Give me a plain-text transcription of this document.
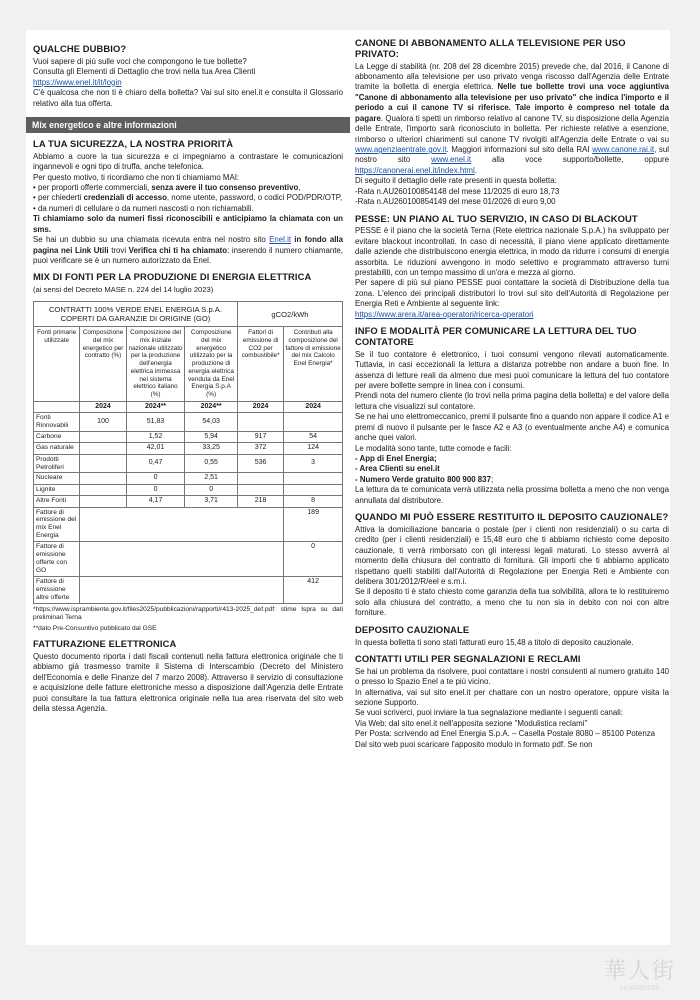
QUALCHE DUBBIO?

Vuoi sapere di più sulle voci che compongono le tue bollette?

Consulta gli Elementi di Dettaglio che trovi nella tua Area Clienti

https://www.enel.it/it/login

C'è qualcosa che non ti è chiaro della bolletta? Vai sul sito enel.it e consulta il Glossario relativo alla tua offerta.

Mix energetico e altre informazioni
LA TUA SICUREZZA, LA NOSTRA PRIORITÀ

Abbiamo a cuore la tua sicurezza e ci impegniamo a contrastare le comunicazioni ingannevoli e ogni tipo di truffa, anche telefonica.

Per questo motivo, ti ricordiamo che non ti chiamiamo MAI:

• per proporti offerte commerciali, senza avere il tuo consenso preventivo,

• per chiederti credenziali di accesso, nome utente, password, o codici POD/PDR/OTP,

• da numeri di cellulare o da numeri nascosti o non richiamabili.

Ti chiamiamo solo da numeri fissi riconoscibili e anticipiamo la chiamata con un sms.

Se hai un dubbio su una chiamata ricevuta entra nel nostro sito Enel.it in fondo alla pagina nei Link Utili trovi Verifica chi ti ha chiamato: inserendo il numero chiamante, puoi verificare se è un numero autorizzato da Enel.

MIX DI FONTI PER LA PRODUZIONE DI ENERGIA ELETTRICA

(ai sensi del Decreto MASE n. 224 del 14 luglio 2023)

CONTRATTI 100% VERDE ENEL ENERGIA S.p.A. COPERTI DA GARANZIE DI ORIGINE (GO)				gCO2/kWh	
Fonti primarie utilizzate	Composizione del mix energetico per contratto (%)	Composizione del mix iniziale nazionale utilizzato per la produzione dell'energia elettrica immessa nel sistema elettrico italiano (%)	Composizione del mix energetico utilizzato per la produzione di energia elettrica venduta da Enel Energia S.p.A (%)	Fattori di emissione di CO2 per combustibile*	Contributi alla composizione del fattore di emissione del mix Calcolo Enel Energia*
	2024	2024**	2024**	2024	2024
Fonti Rinnovabili	100	51,83	54,03		
Carbone		1,52	5,94	917	54
Gas naturale		42,01	33,25	372	124
Prodotti Petroliferi		0,47	0,55	536	3
Nucleare		0	2,51		
Lignite		0	0		
Altre Fonti		4,17	3,71	218	8
Fattore di emissione del mix Enel Energia					189
Fattore di emissione offerte con GO					0
Fattore di emissione altre offerte					412

*https://www.isprambiente.gov.it/files2025/pubblicazioni/rapporti/r413-2025_def.pdf: stime Ispra su dati preliminari Terna

**dato Pre-Consuntivo pubblicato dal GSE

FATTURAZIONE ELETTRONICA

Questo documento riporta i dati fiscali contenuti nella fattura elettronica originale che ti abbiamo già trasmesso tramite il Sistema di Interscambio (Decreto del Ministero dell'Economia e delle Finanze del 7 marzo 2008). Attraverso il servizio di consultazione e acquisizione delle fatture elettroniche messo a disposizione dall'Agenzia delle Entrate puoi consultare la tua fattura elettronica originale nella tua area riservata del sito web della stessa Agenzia.

CANONE DI ABBONAMENTO ALLA TELEVISIONE PER USO PRIVATO:

La Legge di stabilità (nr. 208 del 28 dicembre 2015) prevede che, dal 2016, il Canone di abbonamento alla televisione per uso privato venga riscosso dall'Agenzia delle Entrate tramite la bolletta di energia elettrica. Nelle tue bollette trovi una voce aggiuntiva "Canone di abbonamento alla televisione per uso privato" che indica l'importo e il periodo a cui il canone TV si riferisce. Tale importo è compreso nel totale da pagare. Qualora ti spetti un rimborso relativo al canone TV, su disposizione della Agenzia delle Entrate, l'importo sarà riconosciuto in bolletta. Per richieste relative a esenzione, rimborso o ulteriori chiarimenti sul canone TV rivolgiti all'Agenzia delle Entrate o vai su www.agenziaentrate.gov.it. Maggiori informazioni sul sito della RAI www.canone.rai.it, sul nostro sito www.enel.it alla voce supporto/bollette, oppure https://canonerai.enel.it/index.html.

Di seguito il dettaglio delle rate presenti in questa bolletta:

-Rata n.AU260100854148 del mese 11/2025 di euro 18,73

-Rata n.AU260100854149 del mese 01/2026 di euro 9,00

PESSE: UN PIANO AL TUO SERVIZIO, IN CASO DI BLACKOUT

PESSE è il piano che la società Terna (Rete elettrica nazionale S.p.A.) ha sviluppato per evitare blackout incontrollati. In caso di necessità, il piano viene applicato direttamente dalle aziende che distribuiscono energia elettrica, in modo da ridurre i consumi di energia assorbita. Le riduzioni avvengono in modo selettivo e programmato attraverso turni prestabiliti, con un tempo massimo di un'ora e mezza al giorno.

Per sapere di più sul piano PESSE puoi contattare la società di Distribuzione della tua zona. L'elenco dei principali distributori lo trovi sul sito dell'Autorità di Regolazione per Energia Reti e Ambiente al seguente link:

https://www.arera.it/area-operatori/ricerca-operatori

INFO E MODALITÀ PER COMUNICARE LA LETTURA DEL TUO CONTATORE

Se il tuo contatore è elettronico, i tuoi consumi vengono rilevati automaticamente. Tuttavia, in casi eccezionali la lettura a distanza potrebbe non andare a buon fine. In assenza di letture reali da almeno due mesi puoi comunicare la lettura del tuo contatore per avere bollette sempre in linea con i consumi.

Prendi nota del numero cliente (lo trovi nella prima pagina della bolletta) e del valore della lettura che visualizzi sul contatore.

Se ne hai uno elettromeccanico, premi il pulsante fino a quando non appare il codice A1 e premi di nuovo il pulsante per le fasce A2 e A3 (o eventualmente anche A4) e comunica anche quei valori.

Le modalità sono tante, tutte comode e facili:

- App di Enel Energia;

- Area Clienti su enel.it

- Numero Verde gratuito 800 900 837;

La lettura da te comunicata verrà utilizzata nella prossima bolletta a meno che non venga annullata dal distributore.

QUANDO MI PUÒ ESSERE RESTITUITO IL DEPOSITO CAUZIONALE?

Attiva la domiciliazione bancaria o postale (per i clienti non residenziali) o su carta di credito (per i clienti residenziali) e 15,48 euro che ti abbiamo richiesto come deposito cauzionale, ti verrà rimborsato con gli interessi legali maturati. Lo stesso avverrà al momento della chiusura del contratto di fornitura. Gli importi che ti abbiamo applicato rispettano quelli stabiliti dall'Autorità di Regolazione per Energia Reti e Ambiente con delibera 301/2012/R/eel e s.m.i.

Se il deposito ti è stato chiesto come garanzia della tua solvibilità, allora te lo restituiremo solo alla chiusura del contratto, a meno che tu non sia in debito con noi con altre forniture.

DEPOSITO CAUZIONALE

In questa bolletta ti sono stati fatturati euro 15,48 a titolo di deposito cauzionale.

CONTATTI UTILI PER SEGNALAZIONI E RECLAMI

Se hai un problema da risolvere, puoi contattare i nostri consulenti al numero gratuito 140 o presso lo Spazio Enel a te più vicino.

In alternativa, vai sul sito enel.it per chattare con un nostro operatore, oppure visita la sezione Supporto.

Se vuoi scriverci, puoi inviare la tua segnalazione mediante i seguenti canali:

Via Web: dal sito enel.it nell'apposita sezione "Modulistica reclami"

Per Posta: scrivendo ad Enel Energia S.p.A. – Casella Postale 8080 – 85100 Potenza

Dal sito web puoi scaricare l'apposito modulo in formato pdf. Se non

華人街
HUARENJIE
